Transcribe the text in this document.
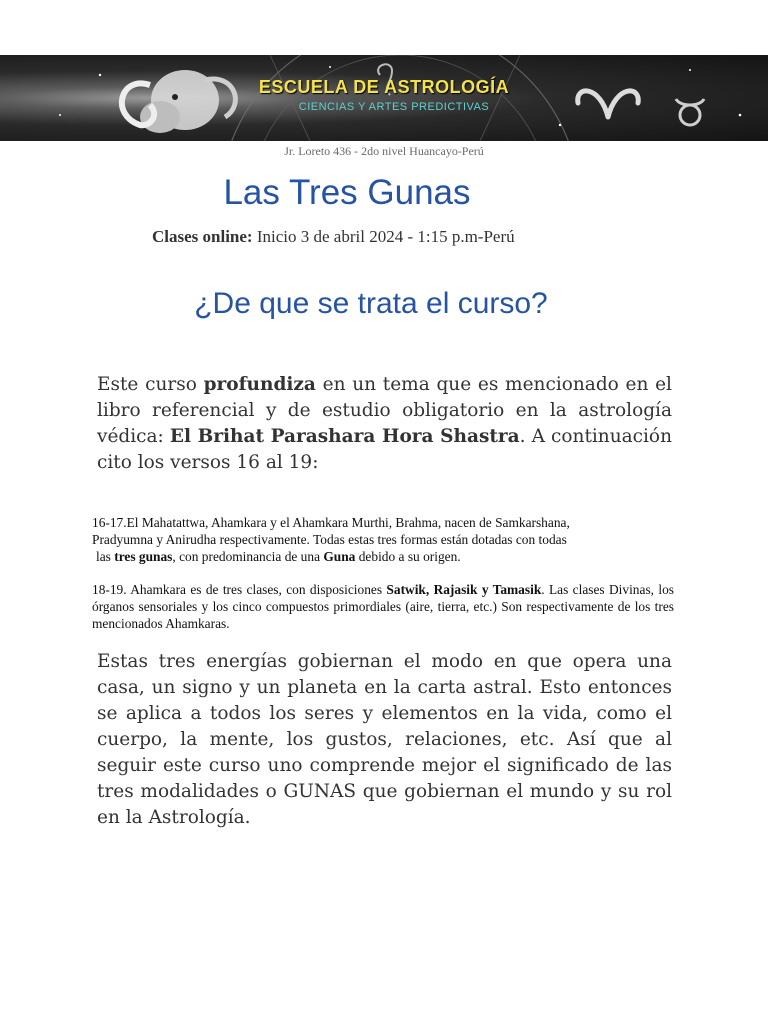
ESCUELA DE ASTROLOGÍA
CIENCIAS Y ARTES PREDICTIVAS
Jr. Loreto 436 - 2do nivel Huancayo-Perú
Las Tres Gunas
Clases online: Inicio 3 de abril 2024 - 1:15 p.m-Perú
¿De que se trata el curso?

Este curso profundiza en un tema que es mencionado en el libro referencial y de estudio obligatorio en la astrología védica: El Brihat Parashara Hora Shastra. A continuación cito los versos 16 al 19:

16-17.El Mahatattwa, Ahamkara y el Ahamkara Murthi, Brahma, nacen de Samkarshana,
Pradyumna y Anirudha respectivamente. Todas estas tres formas están dotadas con todas
las tres gunas, con predominancia de una Guna debido a su origen.

18-19. Ahamkara es de tres clases, con disposiciones Satwik, Rajasik y Tamasik. Las clases Divinas, los órganos sensoriales y los cinco compuestos primordiales (aire, tierra, etc.) Son respectivamente de los tres mencionados Ahamkaras.

Estas tres energías gobiernan el modo en que opera una casa, un signo y un planeta en la carta astral. Esto entonces se aplica a todos los seres y elementos en la vida, como el cuerpo, la mente, los gustos, relaciones, etc. Así que al seguir este curso uno comprende mejor el significado de las tres modalidades o GUNAS que gobiernan el mundo y su rol en la Astrología.
